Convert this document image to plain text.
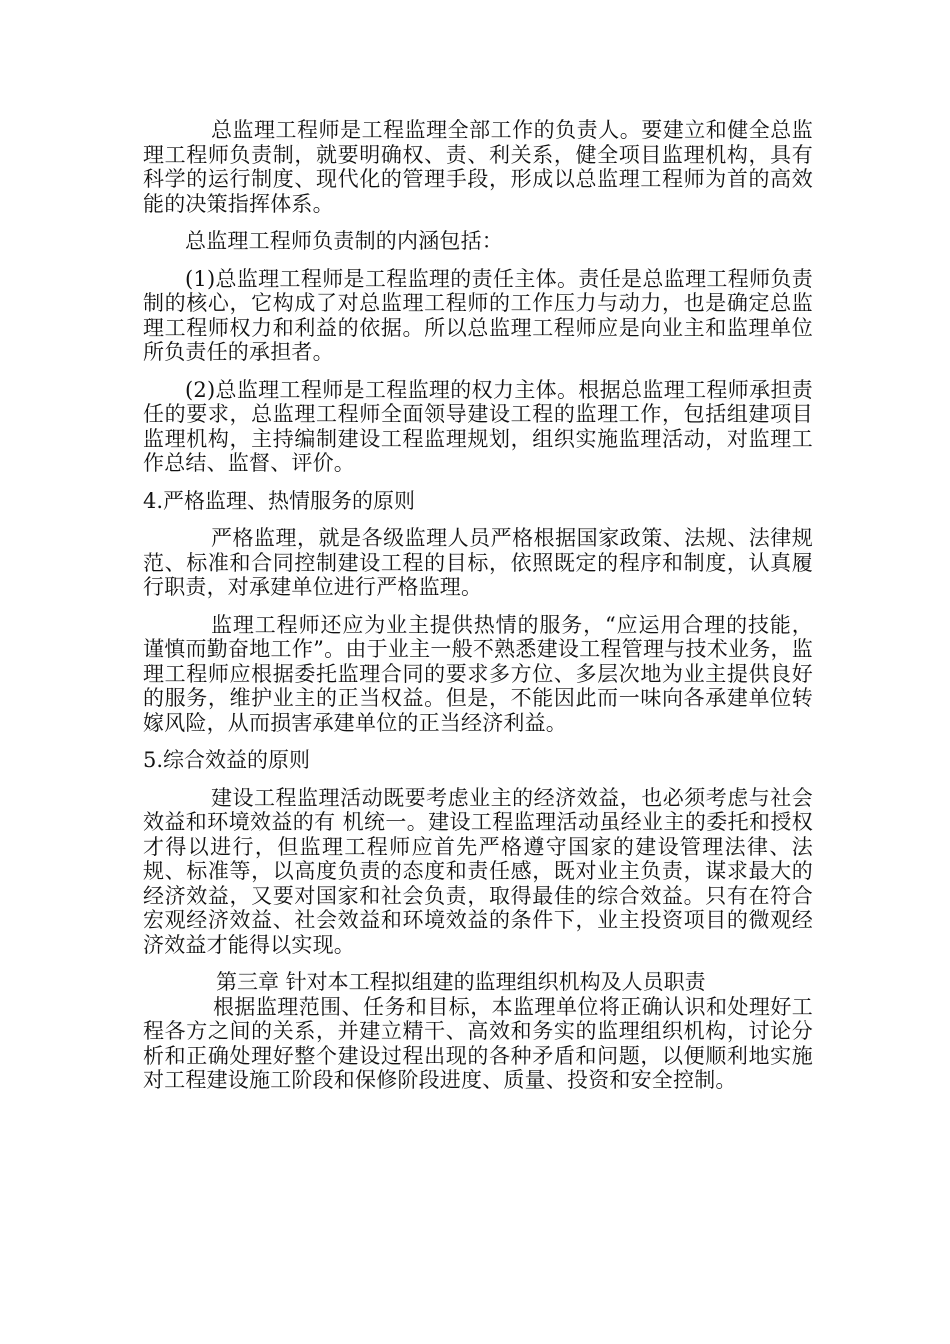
总监理工程师是工程监理全部工作的负责人。要建立和健全总监理工程师负责制，就要明确权、责、利关系，健全项目监理机构，具有科学的运行制度、现代化的管理手段，形成以总监理工程师为首的高效能的决策指挥体系。

总监理工程师负责制的内涵包括：

(1)总监理工程师是工程监理的责任主体。责任是总监理工程师负责制的核心，它构成了对总监理工程师的工作压力与动力，也是确定总监理工程师权力和利益的依据。所以总监理工程师应是向业主和监理单位所负责任的承担者。

(2)总监理工程师是工程监理的权力主体。根据总监理工程师承担责任的要求，总监理工程师全面领导建设工程的监理工作，包括组建项目监理机构，主持编制建设工程监理规划，组织实施监理活动，对监理工作总结、监督、评价。

4.严格监理、热情服务的原则

严格监理，就是各级监理人员严格根据国家政策、法规、法律规范、标准和合同控制建设工程的目标，依照既定的程序和制度，认真履行职责，对承建单位进行严格监理。

监理工程师还应为业主提供热情的服务，“应运用合理的技能，谨慎而勤奋地工作”。由于业主一般不熟悉建设工程管理与技术业务，监理工程师应根据委托监理合同的要求多方位、多层次地为业主提供良好的服务，维护业主的正当权益。但是，不能因此而一味向各承建单位转嫁风险，从而损害承建单位的正当经济利益。

5.综合效益的原则

建设工程监理活动既要考虑业主的经济效益，也必须考虑与社会效益和环境效益的有 机统一。建设工程监理活动虽经业主的委托和授权才得以进行，但监理工程师应首先严格遵守国家的建设管理法律、法规、标准等，以高度负责的态度和责任感，既对业主负责，谋求最大的经济效益，又要对国家和社会负责，取得最佳的综合效益。只有在符合宏观经济效益、社会效益和环境效益的条件下，业主投资项目的微观经济效益才能得以实现。

第三章 针对本工程拟组建的监理组织机构及人员职责

根据监理范围、任务和目标，本监理单位将正确认识和处理好工程各方之间的关系，并建立精干、高效和务实的监理组织机构，讨论分析和正确处理好整个建设过程出现的各种矛盾和问题，以便顺利地实施对工程建设施工阶段和保修阶段进度、质量、投资和安全控制。
